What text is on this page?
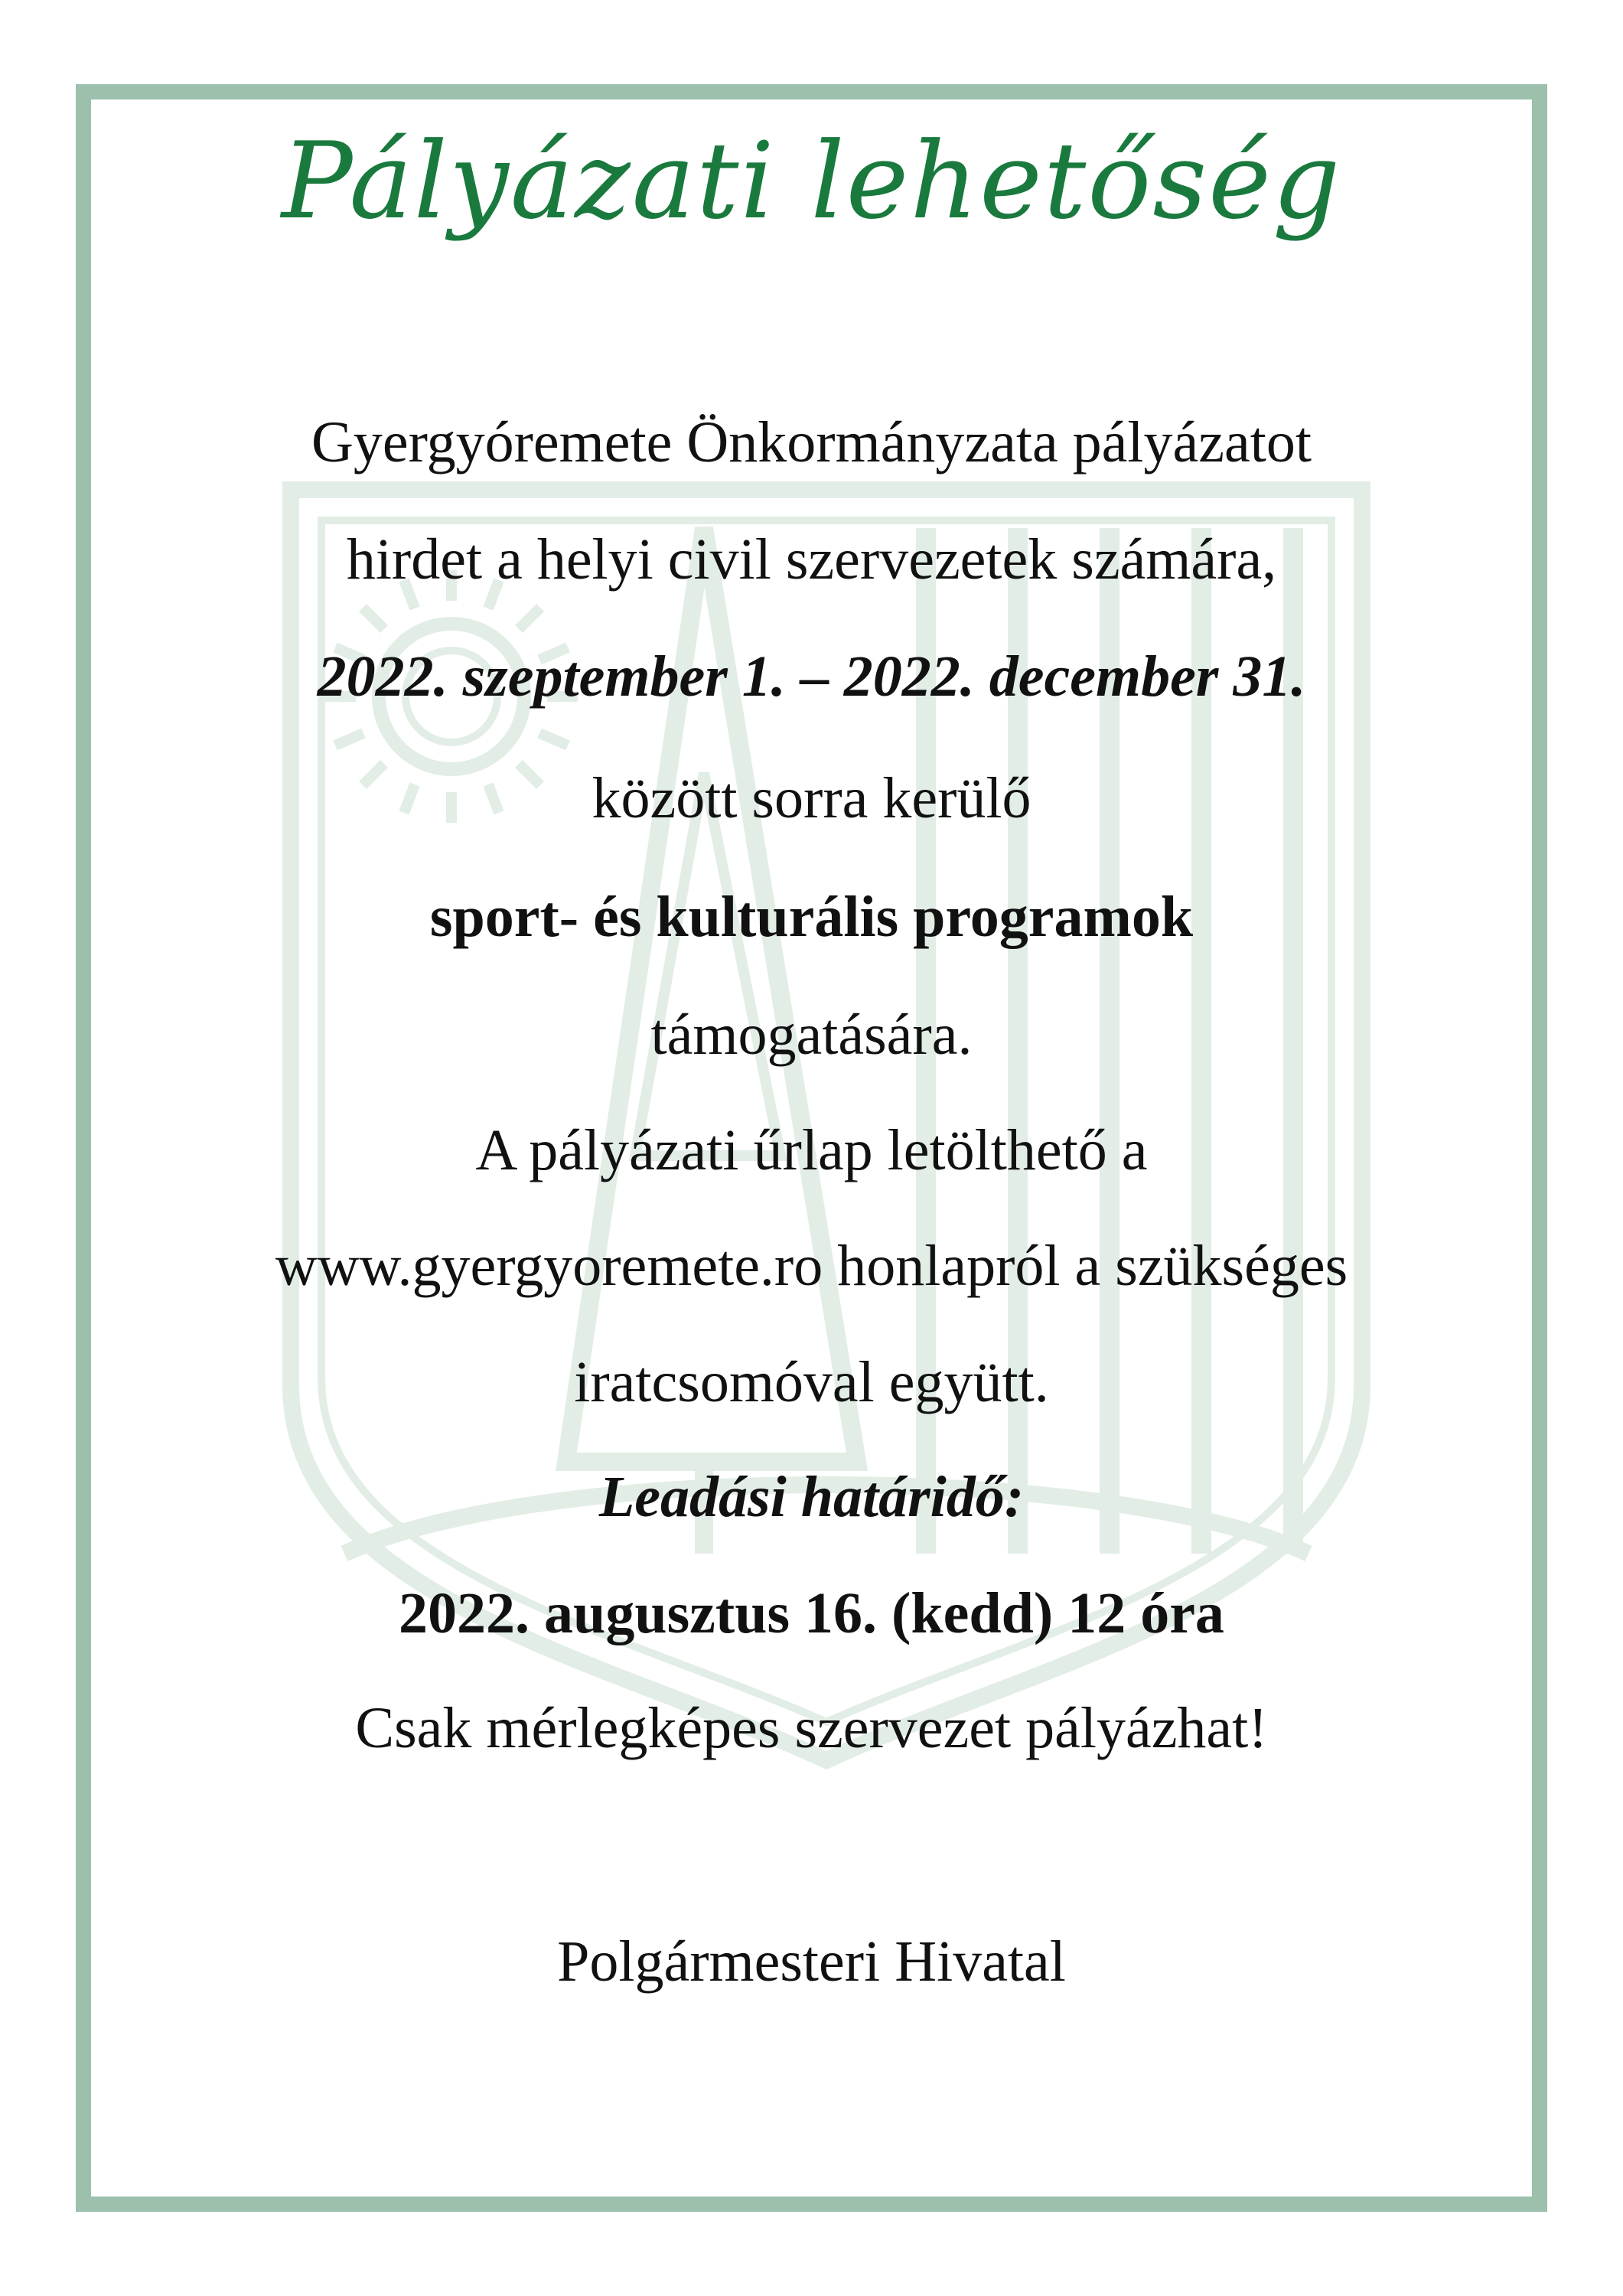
Pályázati lehetőség
Gyergyóremete Önkormányzata pályázatot
hirdet a helyi civil szervezetek számára,
2022. szeptember 1. – 2022. december 31.
között sorra kerülő
sport- és kulturális programok
támogatására.
A pályázati űrlap letölthető a
www.gyergyoremete.ro honlapról a szükséges
iratcsomóval együtt.
Leadási határidő:
2022. augusztus 16. (kedd) 12 óra
Csak mérlegképes szervezet pályázhat!
Polgármesteri Hivatal
